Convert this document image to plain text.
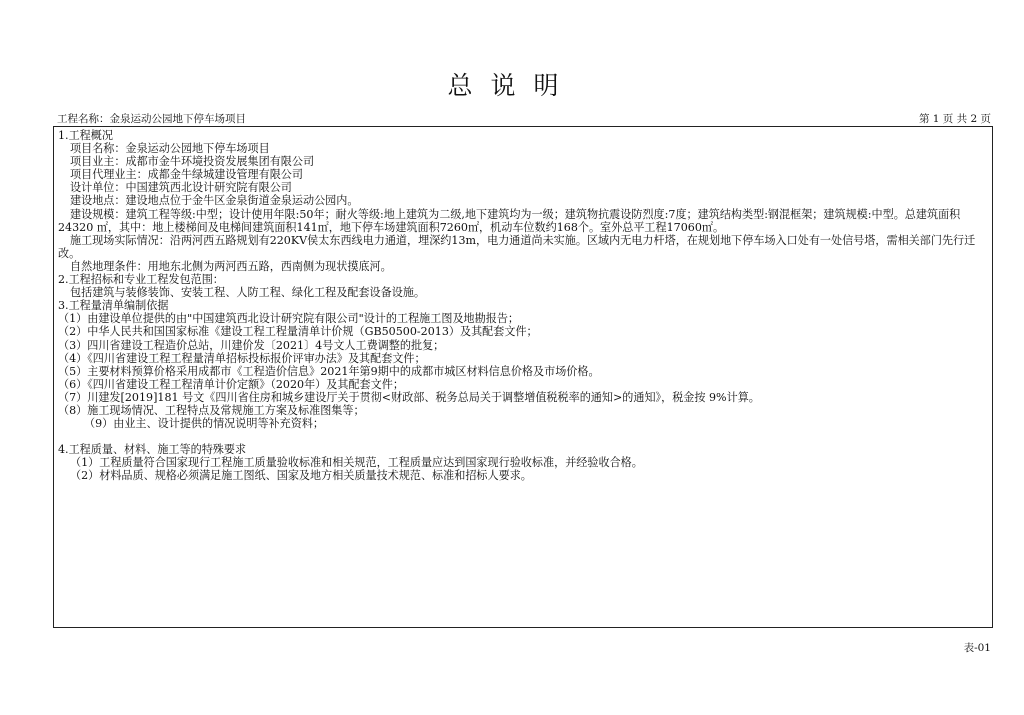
总说明
工程名称：金泉运动公园地下停车场项目	第 1 页 共 2 页
1.工程概况
项目名称：金泉运动公园地下停车场项目
项目业主：成都市金牛环境投资发展集团有限公司
项目代理业主：成都金牛绿城建设管理有限公司
设计单位：中国建筑西北设计研究院有限公司
建设地点：建设地点位于金牛区金泉街道金泉运动公园内。
建设规模：建筑工程等级:中型；设计使用年限:50年；耐火等级:地上建筑为二级,地下建筑均为一级；建筑物抗震设防烈度:7度；建筑结构类型:钢混框架；建筑规模:中型。总建筑面积24320 ㎡，其中：地上楼梯间及电梯间建筑面积141㎡，地下停车场建筑面积7260㎡，机动车位数约168个。室外总平工程17060㎡。
施工现场实际情况：沿两河西五路规划有220KV侯太东西线电力通道，埋深约13m，电力通道尚未实施。区域内无电力杆塔，在规划地下停车场入口处有一处信号塔，需相关部门先行迁改。
自然地理条件：用地东北侧为两河西五路，西南侧为现状摸底河。
2.工程招标和专业工程发包范围：
包括建筑与装修装饰、安装工程、人防工程、绿化工程及配套设备设施。
3.工程量清单编制依据
（1）由建设单位提供的由"中国建筑西北设计研究院有限公司"设计的工程施工图及地勘报告；
（2）中华人民共和国国家标准《建设工程工程量清单计价规（GB50500-2013）及其配套文件；
（3）四川省建设工程造价总站，川建价发〔2021〕4号文人工费调整的批复；
（4）《四川省建设工程工程量清单招标投标报价评审办法》及其配套文件；
（5）主要材料预算价格采用成都市《工程造价信息》2021年第9期中的成都市城区材料信息价格及市场价格。
（6）《四川省建设工程工程清单计价定额》（2020年）及其配套文件；
（7）川建发[2019]181 号文《四川省住房和城乡建设厅关于贯彻<财政部、税务总局关于调整增值税税率的通知>的通知》，税金按 9%计算。
（8）施工现场情况、工程特点及常规施工方案及标准图集等；
（9）由业主、设计提供的情况说明等补充资料；
4.工程质量、材料、施工等的特殊要求
（1）工程质量符合国家现行工程施工质量验收标准和相关规范，工程质量应达到国家现行验收标准，并经验收合格。
（2）材料品质、规格必须满足施工图纸、国家及地方相关质量技术规范、标准和招标人要求。
表-01
